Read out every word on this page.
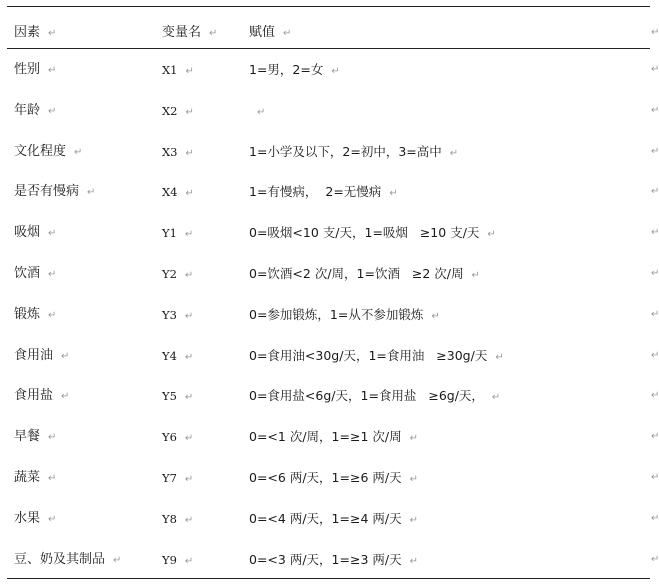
因素 ↵	变量名 ↵ 赋值 ↵	↵
性别 ↵	X1 ↵	1=男，2=女 ↵	↵
年龄 ↵	X2 ↵	↵	↵
文化程度 ↵	X3 ↵	1=小学及以下，2=初中，3=高中 ↵	↵
是否有慢病 ↵	X4 ↵	1=有慢病，  2=无慢病 ↵	↵
吸烟 ↵	Y1 ↵	0=吸烟<10 支/天，1=吸烟   ≥10 支/天 ↵	↵
饮酒 ↵	Y2 ↵	0=饮酒<2 次/周，1=饮酒   ≥2 次/周 ↵	↵
锻炼 ↵	Y3 ↵	0=参加锻炼，1=从不参加锻炼 ↵	↵
食用油 ↵	Y4 ↵	0=食用油<30g/天，1=食用油   ≥30g/天 ↵	↵
食用盐 ↵	Y5 ↵	0=食用盐<6g/天，1=食用盐   ≥6g/天， ↵	↵
早餐 ↵	Y6 ↵	0=<1 次/周，1=≥1 次/周 ↵	↵
蔬菜 ↵	Y7 ↵	0=<6 两/天，1=≥6 两/天 ↵	↵
水果 ↵	Y8 ↵	0=<4 两/天，1=≥4 两/天 ↵	↵
豆、奶及其制品 ↵	Y9 ↵	0=<3 两/天，1=≥3 两/天 ↵	↵
